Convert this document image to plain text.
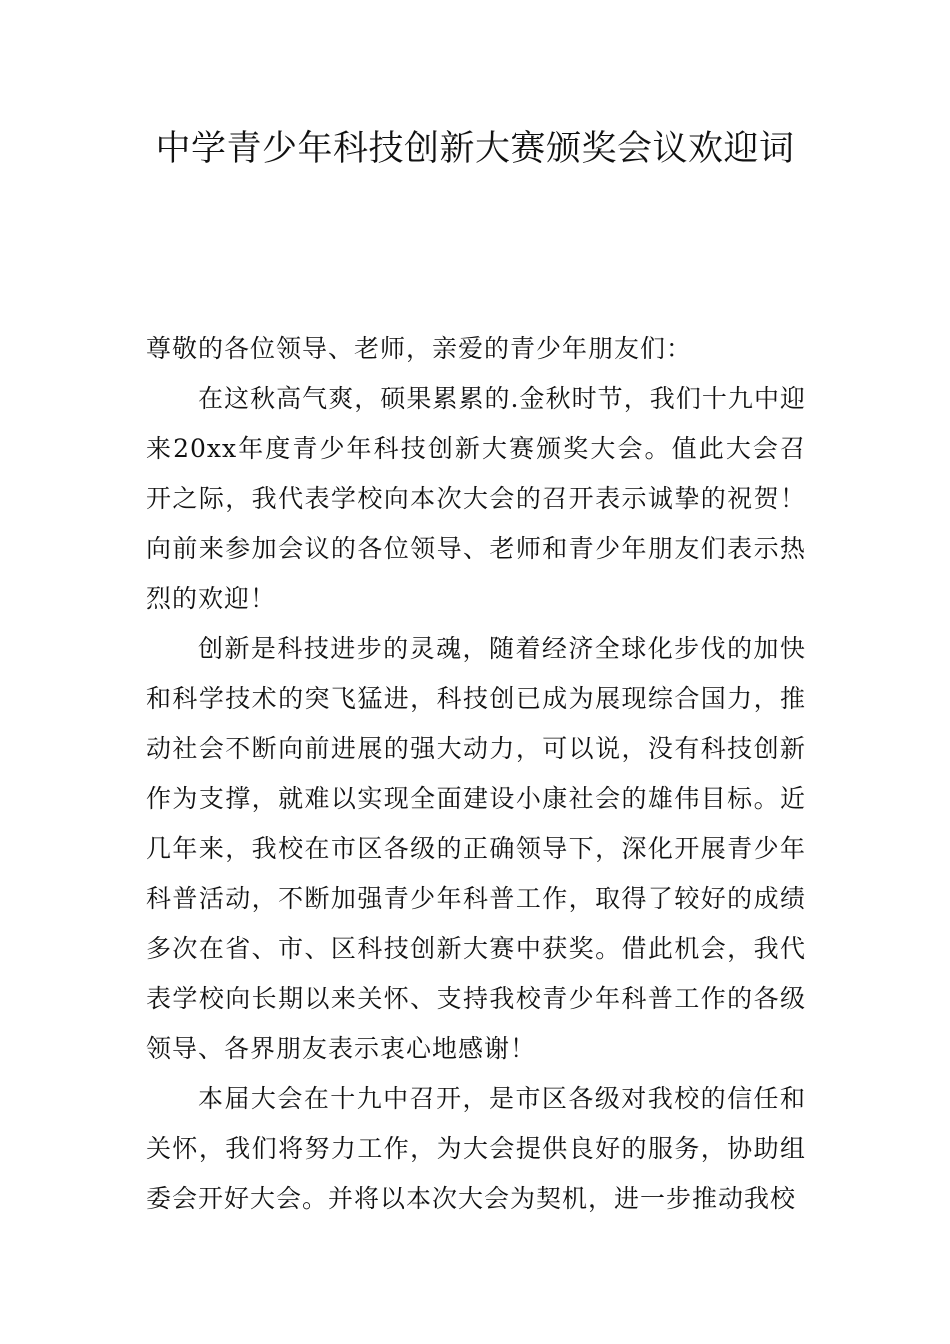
中学青少年科技创新大赛颁奖会议欢迎词

尊敬的各位领导、老师，亲爱的青少年朋友们：

在这秋高气爽，硕果累累的.金秋时节，我们十九中迎来20xx年度青少年科技创新大赛颁奖大会。值此大会召开之际，我代表学校向本次大会的召开表示诚挚的祝贺！向前来参加会议的各位领导、老师和青少年朋友们表示热烈的欢迎！

创新是科技进步的灵魂，随着经济全球化步伐的加快和科学技术的突飞猛进，科技创已成为展现综合国力，推动社会不断向前进展的强大动力，可以说，没有科技创新作为支撑，就难以实现全面建设小康社会的雄伟目标。近几年来，我校在市区各级的正确领导下，深化开展青少年科普活动，不断加强青少年科普工作，取得了较好的成绩多次在省、市、区科技创新大赛中获奖。借此机会，我代表学校向长期以来关怀、支持我校青少年科普工作的各级领导、各界朋友表示衷心地感谢！

本届大会在十九中召开，是市区各级对我校的信任和关怀，我们将努力工作，为大会提供良好的服务，协助组委会开好大会。并将以本次大会为契机，进一步推动我校
